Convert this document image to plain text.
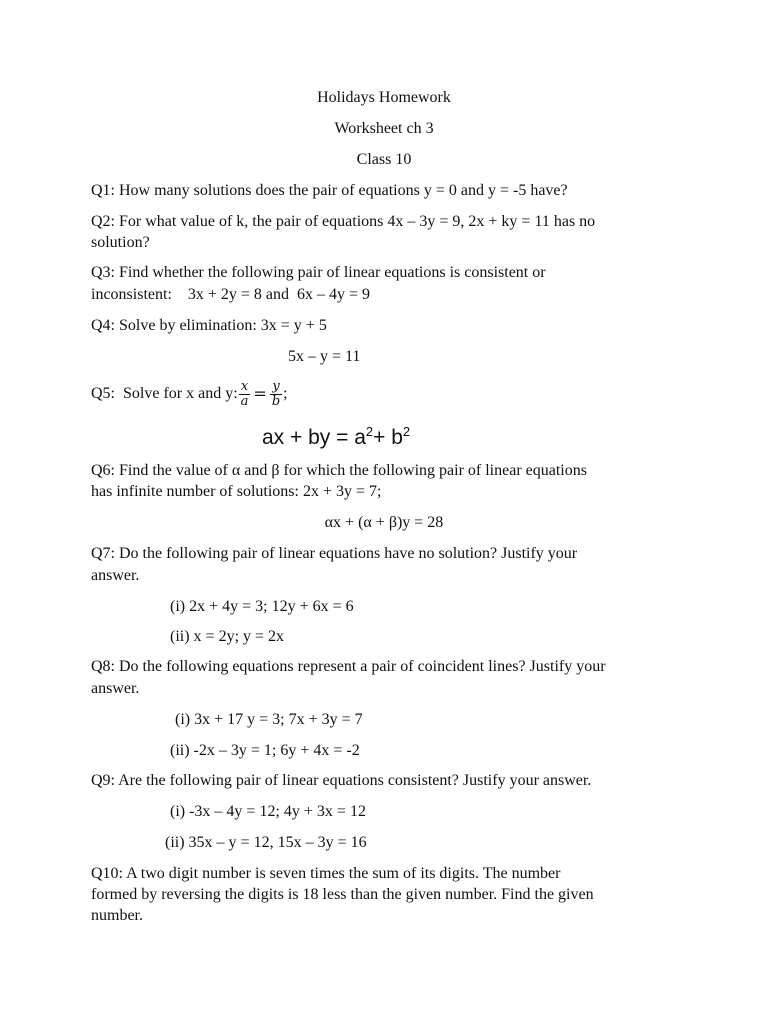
Holidays Homework
Worksheet ch 3
Class 10
Q1: How many solutions does the pair of equations y = 0 and y = -5 have?
Q2: For what value of k, the pair of equations 4x – 3y = 9, 2x + ky = 11 has no
solution?
Q3: Find whether the following pair of linear equations is consistent or
inconsistent:    3x + 2y = 8 and  6x – 4y = 9
Q4: Solve by elimination: 3x = y + 5
5x – y = 11
Q5:  Solve for x and y: $\frac{x}{a} = \frac{y}{b}$ ;
ax + by = $a^2+ b^2$
Q6: Find the value of α and β for which the following pair of linear equations
has infinite number of solutions: 2x + 3y = 7;
αx + (α + β)y = 28
Q7: Do the following pair of linear equations have no solution? Justify your
answer.
(i) 2x + 4y = 3; 12y + 6x = 6
(ii) x = 2y; y = 2x
Q8: Do the following equations represent a pair of coincident lines? Justify your
answer.
(i) 3x + 17 y = 3; 7x + 3y = 7
(ii) -2x – 3y = 1; 6y + 4x = -2
Q9: Are the following pair of linear equations consistent? Justify your answer.
(i) -3x – 4y = 12; 4y + 3x = 12
(ii) 35x – y = 12, 15x – 3y = 16
Q10: A two digit number is seven times the sum of its digits. The number
formed by reversing the digits is 18 less than the given number. Find the given
number.
